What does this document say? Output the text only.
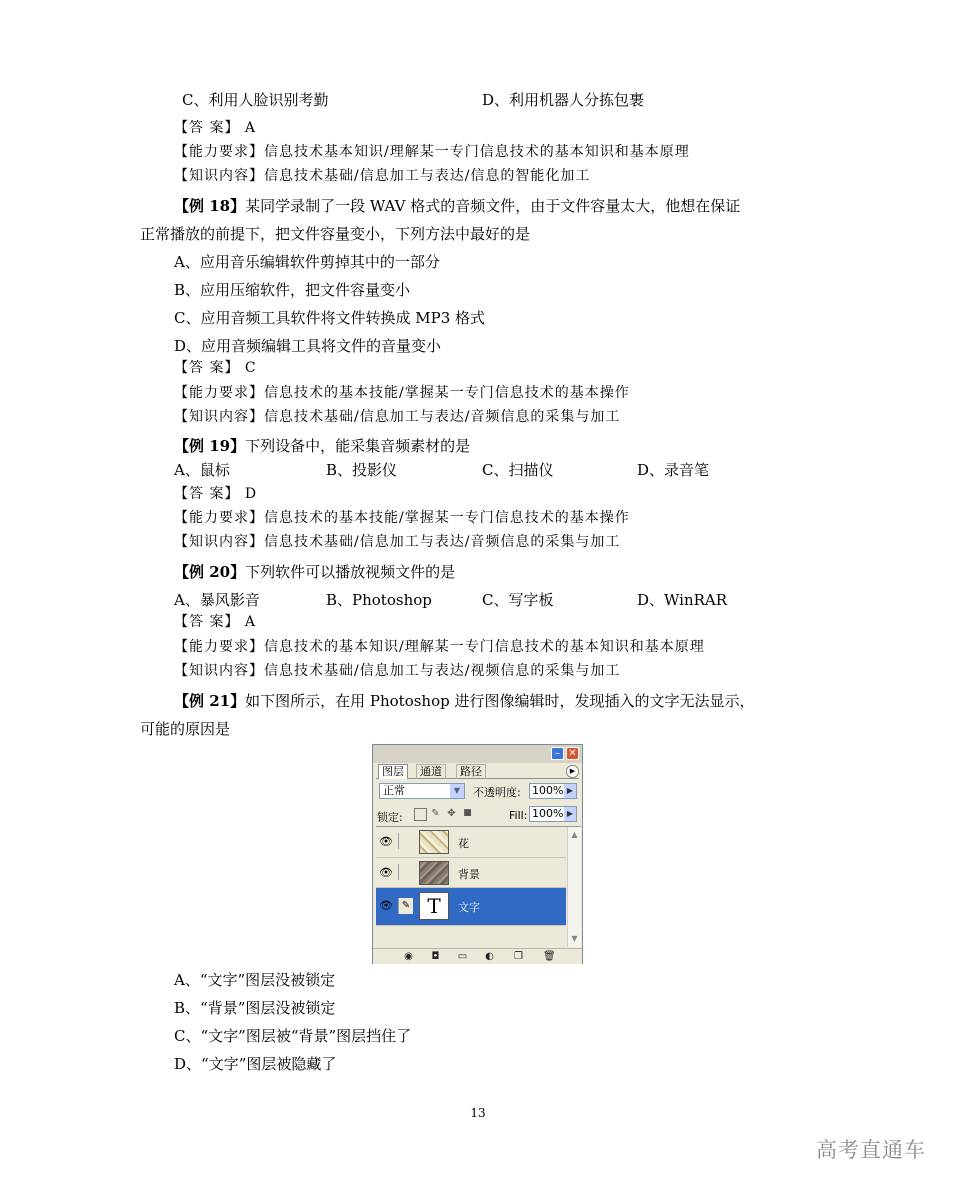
C、利用人脸识别考勤	D、利用机器人分拣包裹
【答 案】 A
【能力要求】信息技术基本知识/理解某一专门信息技术的基本知识和基本原理
【知识内容】信息技术基础/信息加工与表达/信息的智能化加工
【例 18】某同学录制了一段 WAV 格式的音频文件，由于文件容量太大，他想在保证
正常播放的前提下，把文件容量变小，下列方法中最好的是
A、应用音乐编辑软件剪掉其中的一部分
B、应用压缩软件，把文件容量变小
C、应用音频工具软件将文件转换成 MP3 格式
D、应用音频编辑工具将文件的音量变小
【答 案】 C
【能力要求】信息技术的基本技能/掌握某一专门信息技术的基本操作
【知识内容】信息技术基础/信息加工与表达/音频信息的采集与加工
【例 19】下列设备中，能采集音频素材的是
A、鼠标	B、投影仪	C、扫描仪	D、录音笔
【答 案】 D
【能力要求】信息技术的基本技能/掌握某一专门信息技术的基本操作
【知识内容】信息技术基础/信息加工与表达/音频信息的采集与加工
【例 20】下列软件可以播放视频文件的是
A、暴风影音	B、Photoshop	C、写字板	D、WinRAR
【答 案】 A
【能力要求】信息技术的基本知识/理解某一专门信息技术的基本知识和基本原理
【知识内容】信息技术基础/信息加工与表达/视频信息的采集与加工
【例 21】如下图所示，在用 Photoshop 进行图像编辑时，发现插入的文字无法显示，
可能的原因是
– ✕
图层	通道	路径	▶
正常	▼	不透明度: 100% ▶
锁定:	✎ ✥ ■	Fill: 100% ▶
👁	花
👁	背景
👁 ✎ T	文字
▲
▼
◉ ◘ ▭ ◐ ❐ 🗑
A、“文字”图层没被锁定
B、“背景”图层没被锁定
C、“文字”图层被“背景”图层挡住了
D、“文字”图层被隐藏了
13
高考直通车
